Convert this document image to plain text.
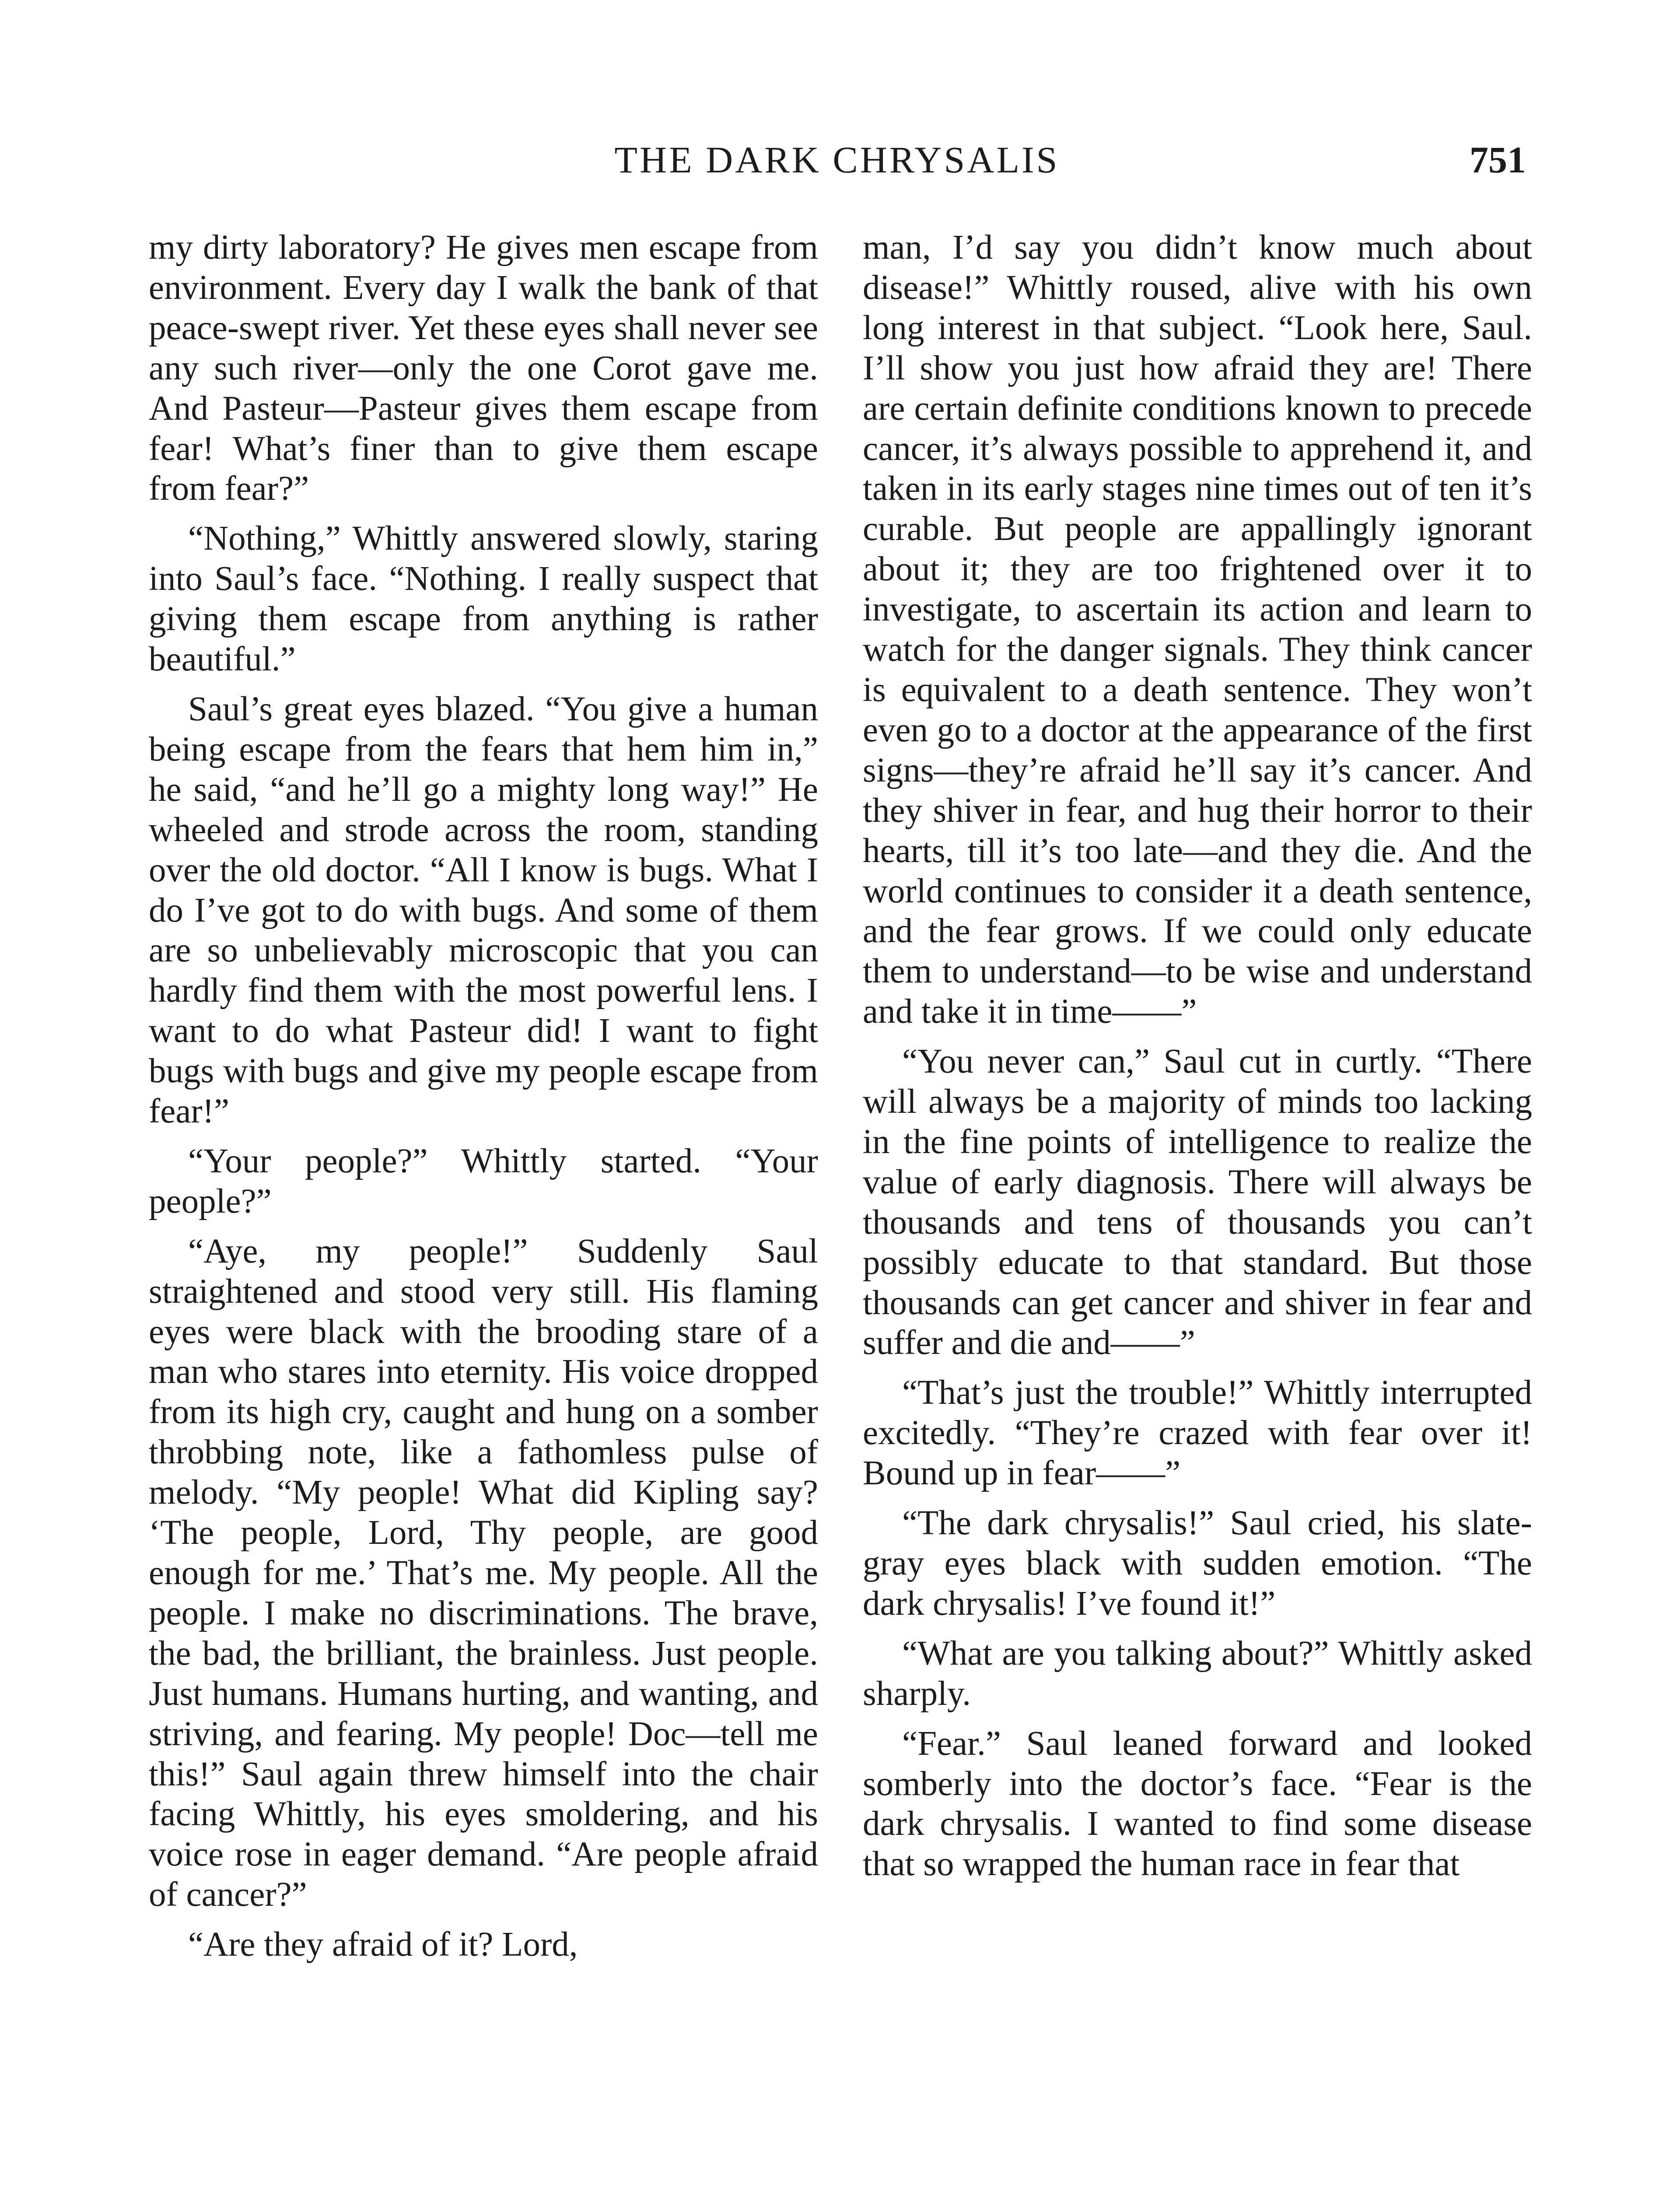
THE DARK CHRYSALIS	751

my dirty laboratory? He gives men escape from environment. Every day I walk the bank of that peace-swept river. Yet these eyes shall never see any such river—only the one Corot gave me. And Pasteur—Pasteur gives them escape from fear! What’s finer than to give them escape from fear?”

“Nothing,” Whittly answered slowly, staring into Saul’s face. “Nothing. I really suspect that giving them escape from anything is rather beautiful.”

Saul’s great eyes blazed. “You give a human being escape from the fears that hem him in,” he said, “and he’ll go a mighty long way!” He wheeled and strode across the room, standing over the old doctor. “All I know is bugs. What I do I’ve got to do with bugs. And some of them are so unbelievably microscopic that you can hardly find them with the most powerful lens. I want to do what Pasteur did! I want to fight bugs with bugs and give my people escape from fear!”

“Your people?” Whittly started. “Your people?”

“Aye, my people!” Suddenly Saul straightened and stood very still. His flaming eyes were black with the brooding stare of a man who stares into eternity. His voice dropped from its high cry, caught and hung on a somber throbbing note, like a fathomless pulse of melody. “My people! What did Kipling say? ‘The people, Lord, Thy people, are good enough for me.’ That’s me. My people. All the people. I make no discriminations. The brave, the bad, the brilliant, the brainless. Just people. Just humans. Humans hurting, and wanting, and striving, and fearing. My people! Doc—tell me this!” Saul again threw himself into the chair facing Whittly, his eyes smoldering, and his voice rose in eager demand. “Are people afraid of cancer?”

“Are they afraid of it? Lord,

man, I’d say you didn’t know much about disease!” Whittly roused, alive with his own long interest in that subject. “Look here, Saul. I’ll show you just how afraid they are! There are certain definite conditions known to precede cancer, it’s always possible to apprehend it, and taken in its early stages nine times out of ten it’s curable. But people are appallingly ignorant about it; they are too frightened over it to investigate, to ascertain its action and learn to watch for the danger signals. They think cancer is equivalent to a death sentence. They won’t even go to a doctor at the appearance of the first signs—they’re afraid he’ll say it’s cancer. And they shiver in fear, and hug their horror to their hearts, till it’s too late—and they die. And the world continues to consider it a death sentence, and the fear grows. If we could only educate them to understand—to be wise and understand and take it in time——”

“You never can,” Saul cut in curtly. “There will always be a majority of minds too lacking in the fine points of intelligence to realize the value of early diagnosis. There will always be thousands and tens of thousands you can’t possibly educate to that standard. But those thousands can get cancer and shiver in fear and suffer and die and——”

“That’s just the trouble!” Whittly interrupted excitedly. “They’re crazed with fear over it! Bound up in fear——”

“The dark chrysalis!” Saul cried, his slate-gray eyes black with sudden emotion. “The dark chrysalis! I’ve found it!”

“What are you talking about?” Whittly asked sharply.

“Fear.” Saul leaned forward and looked somberly into the doctor’s face. “Fear is the dark chrysalis. I wanted to find some disease that so wrapped the human race in fear that
